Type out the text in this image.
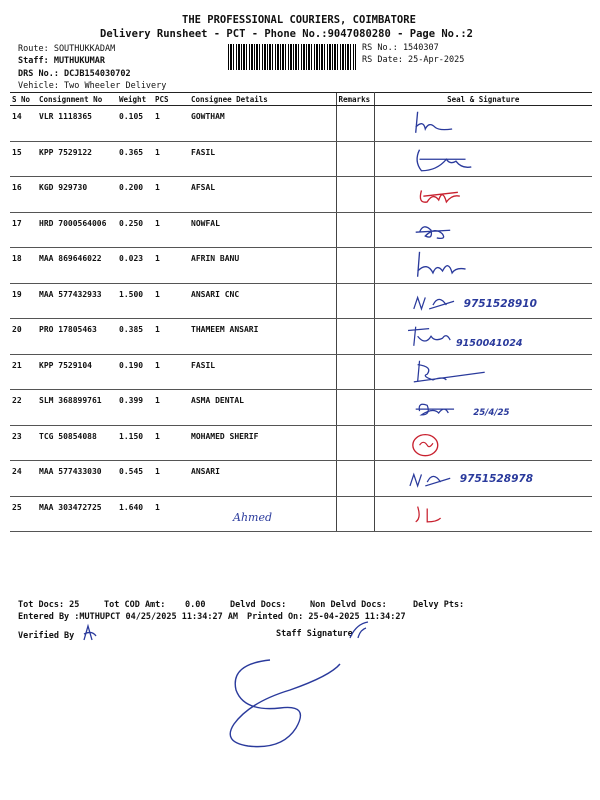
THE PROFESSIONAL COURIERS, COIMBATORE
Delivery Runsheet - PCT - Phone No.:9047080280 - Page No.:2
Route: SOUTHUKKADAM
Staff: MUTHUKUMAR
DRS No.: DCJB154030702
Vehicle: Two Wheeler Delivery
RS No.: 1540307
RS Date: 25-Apr-2025
S No	Consignment No	Weight	PCS	Consignee Details	Remarks	Seal & Signature
14	VLR 1118365	0.105	1	GOWTHAM		

15	KPP 7529122	0.365	1	FASIL		

16	KGD 929730	0.200	1	AFSAL		

17	HRD 7000564006	0.250	1	NOWFAL		

18	MAA 869646022	0.023	1	AFRIN BANU		

19	MAA 577432933	1.500	1	ANSARI CNC		9751528910

20	PRO 17805463	0.385	1	THAMEEM ANSARI		9150041024

21	KPP 7529104	0.190	1	FASIL		

22	SLM 368899761	0.399	1	ASMA DENTAL		25/4/25

23	TCG 50854088	1.150	1	MOHAMED SHERIF		

24	MAA 577433030	0.545	1	ANSARI		9751528978

25	MAA 303472725	1.640	1	Ahmed

Tot Docs: 25	Tot COD Amt: 0.00	Delvd Docs:	Non Delvd Docs:	Delvy Pts:
Entered By :MUTHUPCT 04/25/2025 11:34:27 AM Printed On: 25-04-2025 11:34:27
Verified By	Staff Signature
